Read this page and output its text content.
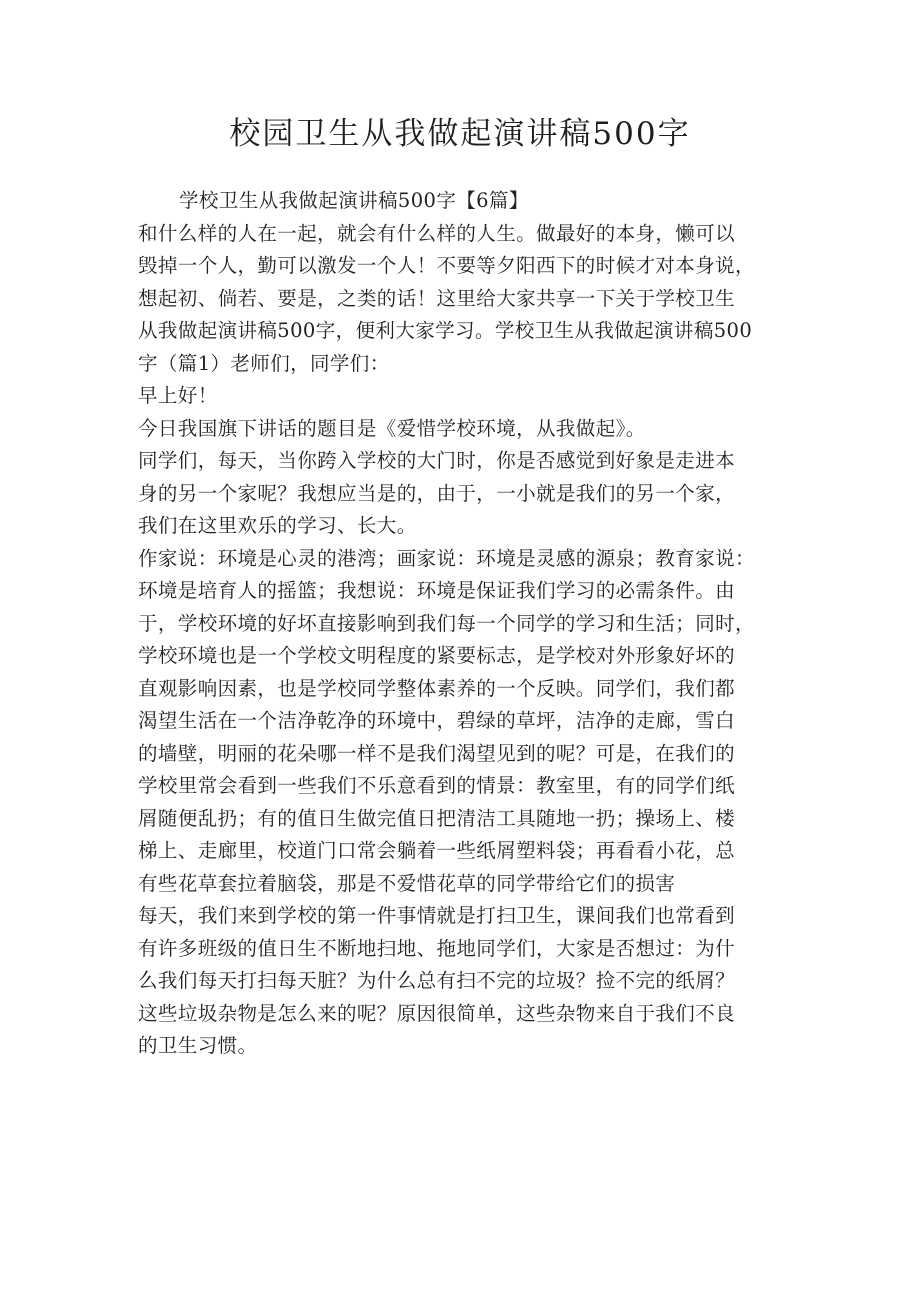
校园卫生从我做起演讲稿500字
学校卫生从我做起演讲稿500字【6篇】
和什么样的人在一起，就会有什么样的人生。做最好的本身，懒可以
毁掉一个人，勤可以激发一个人！不要等夕阳西下的时候才对本身说，
想起初、倘若、要是，之类的话！这里给大家共享一下关于学校卫生
从我做起演讲稿500字，便利大家学习。学校卫生从我做起演讲稿500
字（篇1）老师们，同学们：
早上好！
今日我国旗下讲话的题目是《爱惜学校环境，从我做起》。
同学们，每天，当你跨入学校的大门时，你是否感觉到好象是走进本
身的另一个家呢？我想应当是的，由于，一小就是我们的另一个家，
我们在这里欢乐的学习、长大。
作家说：环境是心灵的港湾；画家说：环境是灵感的源泉；教育家说：
环境是培育人的摇篮；我想说：环境是保证我们学习的必需条件。由
于，学校环境的好坏直接影响到我们每一个同学的学习和生活；同时，
学校环境也是一个学校文明程度的紧要标志，是学校对外形象好坏的
直观影响因素，也是学校同学整体素养的一个反映。同学们，我们都
渴望生活在一个洁净乾净的环境中，碧绿的草坪，洁净的走廊，雪白
的墙壁，明丽的花朵哪一样不是我们渴望见到的呢？可是，在我们的
学校里常会看到一些我们不乐意看到的情景：教室里，有的同学们纸
屑随便乱扔；有的值日生做完值日把清洁工具随地一扔；操场上、楼
梯上、走廊里，校道门口常会躺着一些纸屑塑料袋；再看看小花，总
有些花草套拉着脑袋，那是不爱惜花草的同学带给它们的损害
每天，我们来到学校的第一件事情就是打扫卫生，课间我们也常看到
有许多班级的值日生不断地扫地、拖地同学们，大家是否想过：为什
么我们每天打扫每天脏？为什么总有扫不完的垃圾？捡不完的纸屑？
这些垃圾杂物是怎么来的呢？原因很简单，这些杂物来自于我们不良
的卫生习惯。
